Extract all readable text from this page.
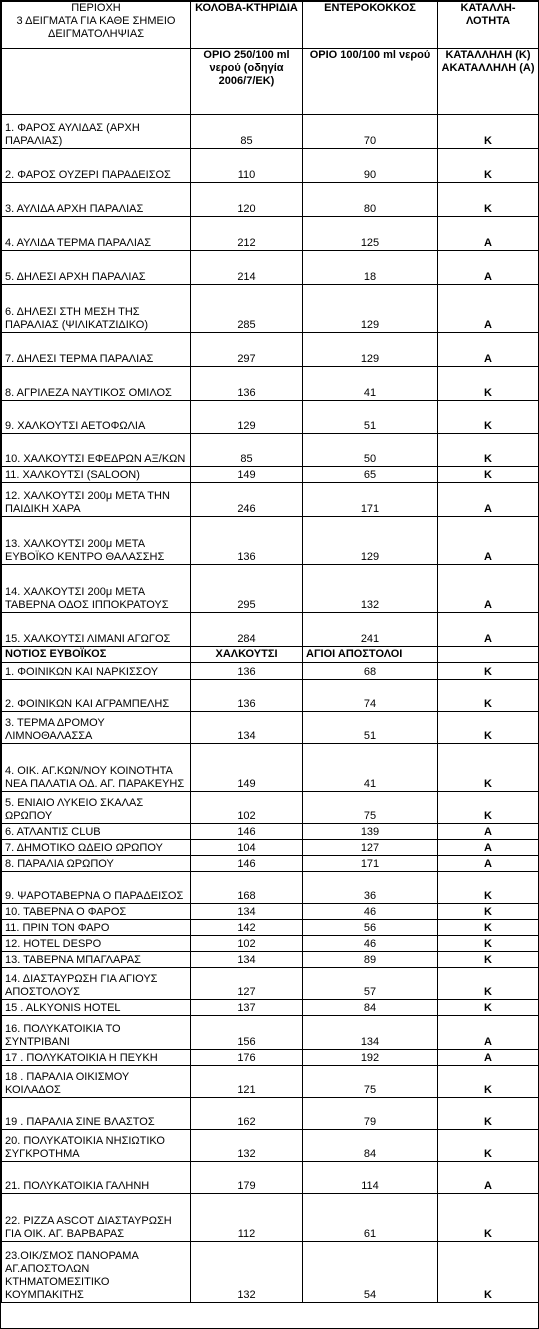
ΠΕΡΙΟΧΗ
3 ΔΕΙΓΜΑΤΑ ΓΙΑ ΚΑΘΕ ΣΗΜΕΙΟ ΔΕΙΓΜΑΤΟΛΗΨΙΑΣ	ΚΟΛΟΒΑ-ΚΤΗΡΙΔΙΑ	ΕΝΤΕΡΟΚΟΚΚΟΣ	ΚΑΤΑΛΛΗ-ΛΟΤΗΤΑ
	ΟΡΙΟ 250/100 ml νερού (οδηγία 2006/7/ΕΚ)	ΟΡΙΟ 100/100 ml νερού	ΚΑΤΑΛΛΗΛΗ (Κ) ΑΚΑΤΑΛΛΗΛΗ (Α)
1. ΦΑΡΟΣ ΑΥΛΙΔΑΣ (ΑΡΧΗ ΠΑΡΑΛΙΑΣ)	85	70	Κ
2. ΦΑΡΟΣ ΟΥΖΕΡΙ ΠΑΡΑΔΕΙΣΟΣ	110	90	Κ
3. ΑΥΛΙΔΑ ΑΡΧΗ ΠΑΡΑΛΙΑΣ	120	80	Κ
4. ΑΥΛΙΔΑ ΤΕΡΜΑ ΠΑΡΑΛΙΑΣ	212	125	Α
5. ΔΗΛΕΣΙ ΑΡΧΗ ΠΑΡΑΛΙΑΣ	214	18	Α
6. ΔΗΛΕΣΙ ΣΤΗ ΜΕΣΗ ΤΗΣ ΠΑΡΑΛΙΑΣ (ΨΙΛΙΚΑΤΖΙΔΙΚΟ)	285	129	Α
7. ΔΗΛΕΣΙ ΤΕΡΜΑ ΠΑΡΑΛΙΑΣ	297	129	Α
8. ΑΓΡΙΛΕΖΑ ΝΑΥΤΙΚΟΣ ΟΜΙΛΟΣ	136	41	Κ
9. ΧΑΛΚΟΥΤΣΙ ΑΕΤΟΦΩΛΙΑ	129	51	Κ
10. ΧΑΛΚΟΥΤΣΙ ΕΦΕΔΡΩΝ ΑΞ/ΚΩΝ	85	50	Κ
11. ΧΑΛΚΟΥΤΣΙ (SALOON)	149	65	Κ
12. ΧΑΛΚΟΥΤΣΙ 200μ ΜΕΤΑ ΤΗΝ ΠΑΙΔΙΚΗ ΧΑΡΑ	246	171	Α
13. ΧΑΛΚΟΥΤΣΙ 200μ ΜΕΤΑ ΕΥΒΟΪΚΟ ΚΕΝΤΡΟ ΘΑΛΑΣΣΗΣ	136	129	Α
14. ΧΑΛΚΟΥΤΣΙ 200μ ΜΕΤΑ ΤΑΒΕΡΝΑ ΟΔΟΣ ΙΠΠΟΚΡΑΤΟΥΣ	295	132	Α
15. ΧΑΛΚΟΥΤΣΙ ΛΙΜΑΝΙ ΑΓΩΓΟΣ	284	241	Α
ΝΟΤΙΟΣ ΕΥΒΟΪΚΟΣ	ΧΑΛΚΟΥΤΣΙ	ΑΓΙΟΙ ΑΠΟΣΤΟΛΟΙ	
1. ΦΟΙΝΙΚΩΝ ΚΑΙ ΝΑΡΚΙΣΣΟΥ	136	68	Κ
2. ΦΟΙΝΙΚΩΝ ΚΑΙ ΑΓΡΑΜΠΕΛΗΣ	136	74	Κ
3. ΤΕΡΜΑ ΔΡΟΜΟΥ ΛΙΜΝΟΘΑΛΑΣΣΑ	134	51	Κ
4. ΟΙΚ. ΑΓ.ΚΩΝ/ΝΟΥ ΚΟΙΝΟΤΗΤΑ ΝΕΑ ΠΑΛΑΤΙΑ ΟΔ. ΑΓ. ΠΑΡΑΚΕΥΗΣ	149	41	Κ
5. ΕΝΙΑΙΟ ΛΥΚΕΙΟ ΣΚΑΛΑΣ ΩΡΩΠΟΥ	102	75	Κ
6. ΑΤΛΑΝΤΙΣ CLUB	146	139	Α
7. ΔΗΜΟΤΙΚΟ ΩΔΕΙΟ ΩΡΩΠΟΥ	104	127	Α
8. ΠΑΡΑΛΙΑ ΩΡΩΠΟΥ	146	171	Α
9. ΨΑΡΟΤΑΒΕΡΝΑ Ο ΠΑΡΑΔΕΙΣΟΣ	168	36	Κ
10. ΤΑΒΕΡΝΑ Ο ΦΑΡΟΣ	134	46	Κ
11. ΠΡΙΝ ΤΟΝ ΦΑΡΟ	142	56	Κ
12. HOTEL DESPO	102	46	Κ
13. ΤΑΒΕΡΝΑ ΜΠΑΓΛΑΡΑΣ	134	89	Κ
14. ΔΙΑΣΤΑΥΡΩΣΗ ΓΙΑ ΑΓΙΟΥΣ ΑΠΟΣΤΟΛΟΥΣ	127	57	Κ
15 . ALKYONIS HOTEL	137	84	Κ
16. ΠΟΛΥΚΑΤΟΙΚΙΑ ΤΟ ΣΥΝΤΡΙΒΑΝΙ	156	134	Α
17 . ΠΟΛΥΚΑΤΟΙΚΙΑ Η ΠΕΥΚΗ	176	192	Α
18 . ΠΑΡΑΛΙΑ ΟΙΚΙΣΜΟΥ ΚΟΙΛΑΔΟΣ	121	75	Κ
19 . ΠΑΡΑΛΙΑ ΣΙΝΕ ΒΛΑΣΤΟΣ	162	79	Κ
20. ΠΟΛΥΚΑΤΟΙΚΙΑ ΝΗΣΙΩΤΙΚΟ ΣΥΓΚΡΟΤΗΜΑ	132	84	Κ
21. ΠΟΛΥΚΑΤΟΙΚΙΑ ΓΑΛΗΝΗ	179	114	Α
22. PIZZA ASCOT ΔΙΑΣΤΑΥΡΩΣΗ ΓΙΑ ΟΙΚ. ΑΓ. ΒΑΡΒΑΡΑΣ	112	61	Κ
23.ΟΙΚ/ΣΜΟΣ ΠΑΝΟΡΑΜΑ ΑΓ.ΑΠΟΣΤΟΛΩΝ ΚΤΗΜΑΤΟΜΕΣΙΤΙΚΟ ΚΟΥΜΠΑΚΙΤΗΣ	132	54	Κ
